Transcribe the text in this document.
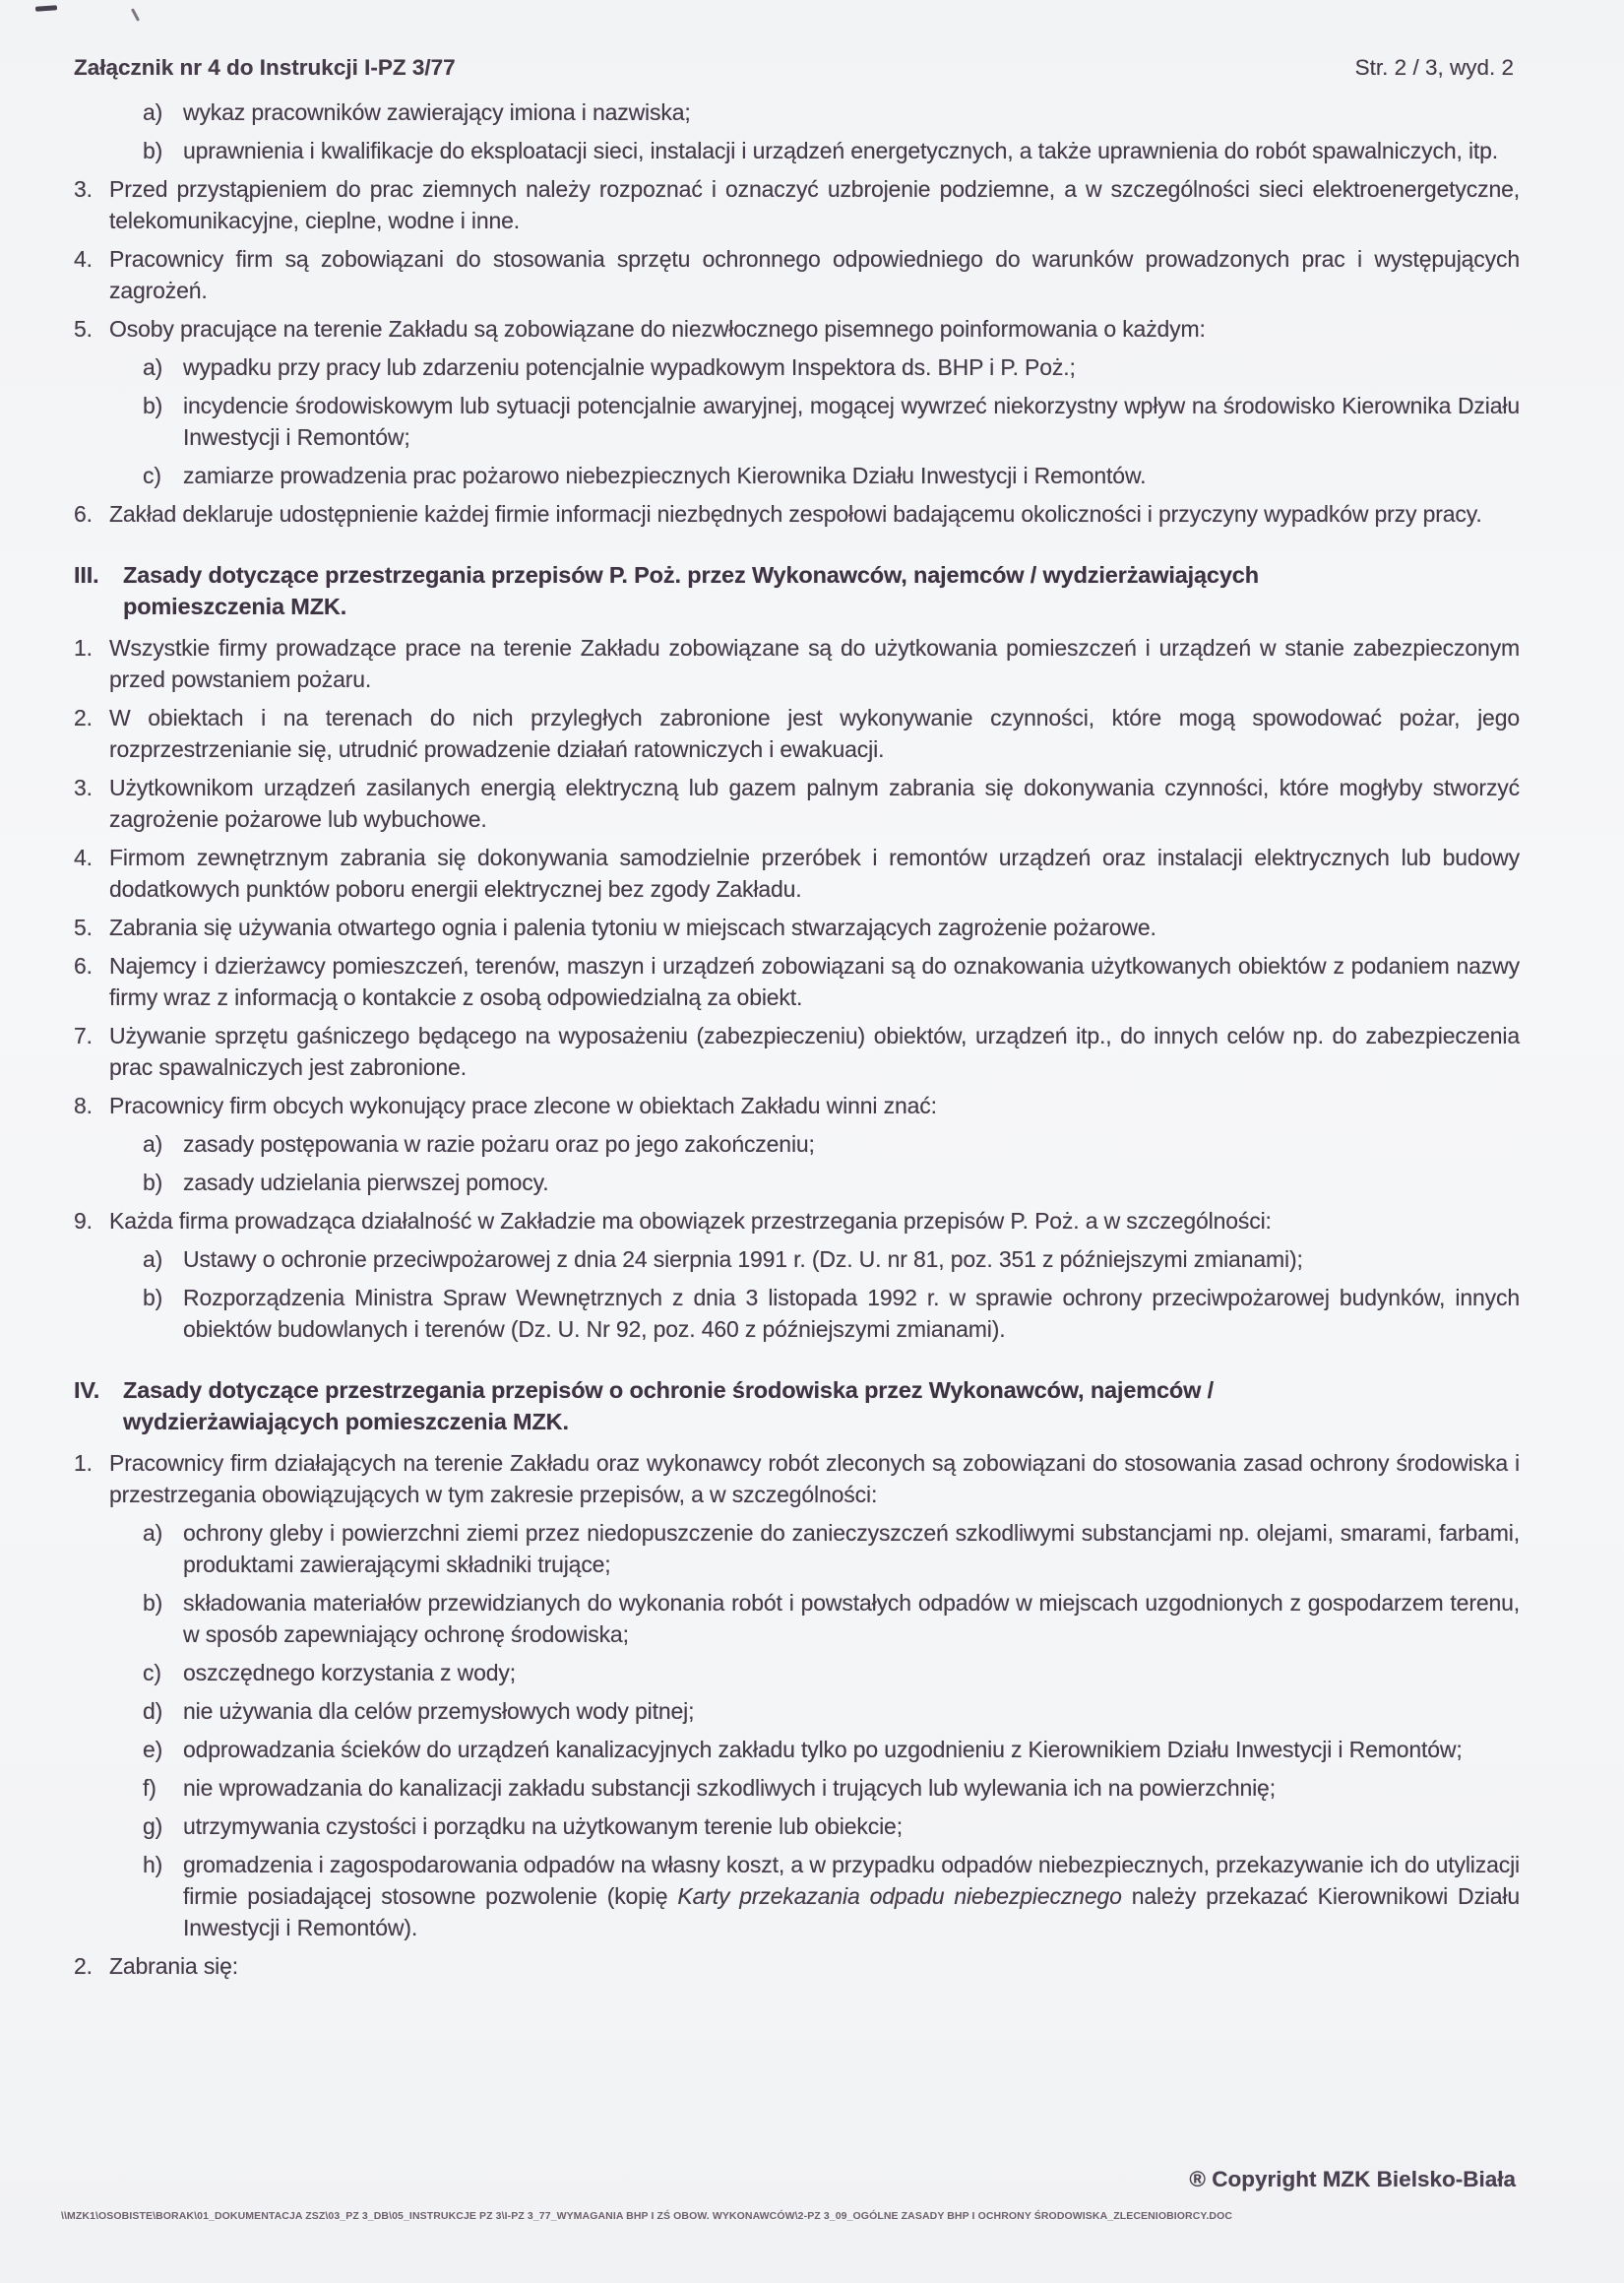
Załącznik nr 4 do Instrukcji I-PZ 3/77	Str. 2 / 3, wyd. 2
a) wykaz pracowników zawierający imiona i nazwiska;
b) uprawnienia i kwalifikacje do eksploatacji sieci, instalacji i urządzeń energetycznych, a także uprawnienia do robót spawalniczych, itp.
3. Przed przystąpieniem do prac ziemnych należy rozpoznać i oznaczyć uzbrojenie podziemne, a w szczególności sieci elektroenergetyczne, telekomunikacyjne, cieplne, wodne i inne.
4. Pracownicy firm są zobowiązani do stosowania sprzętu ochronnego odpowiedniego do warunków prowadzonych prac i występujących zagrożeń.
5. Osoby pracujące na terenie Zakładu są zobowiązane do niezwłocznego pisemnego poinformowania o każdym:
a) wypadku przy pracy lub zdarzeniu potencjalnie wypadkowym Inspektora ds. BHP i P. Poż.;
b) incydencie środowiskowym lub sytuacji potencjalnie awaryjnej, mogącej wywrzeć niekorzystny wpływ na środowisko Kierownika Działu Inwestycji i Remontów;
c) zamiarze prowadzenia prac pożarowo niebezpiecznych Kierownika Działu Inwestycji i Remontów.
6. Zakład deklaruje udostępnienie każdej firmie informacji niezbędnych zespołowi badającemu okoliczności i przyczyny wypadków przy pracy.
III.	Zasady dotyczące przestrzegania przepisów P. Poż. przez Wykonawców, najemców / wydzierżawiających pomieszczenia MZK.
1. Wszystkie firmy prowadzące prace na terenie Zakładu zobowiązane są do użytkowania pomieszczeń i urządzeń w stanie zabezpieczonym przed powstaniem pożaru.
2. W obiektach i na terenach do nich przyległych zabronione jest wykonywanie czynności, które mogą spowodować pożar, jego rozprzestrzenianie się, utrudnić prowadzenie działań ratowniczych i ewakuacji.
3. Użytkownikom urządzeń zasilanych energią elektryczną lub gazem palnym zabrania się dokonywania czynności, które mogłyby stworzyć zagrożenie pożarowe lub wybuchowe.
4. Firmom zewnętrznym zabrania się dokonywania samodzielnie przeróbek i remontów urządzeń oraz instalacji elektrycznych lub budowy dodatkowych punktów poboru energii elektrycznej bez zgody Zakładu.
5. Zabrania się używania otwartego ognia i palenia tytoniu w miejscach stwarzających zagrożenie pożarowe.
6. Najemcy i dzierżawcy pomieszczeń, terenów, maszyn i urządzeń zobowiązani są do oznakowania użytkowanych obiektów z podaniem nazwy firmy wraz z informacją o kontakcie z osobą odpowiedzialną za obiekt.
7. Używanie sprzętu gaśniczego będącego na wyposażeniu (zabezpieczeniu) obiektów, urządzeń itp., do innych celów np. do zabezpieczenia prac spawalniczych jest zabronione.
8. Pracownicy firm obcych wykonujący prace zlecone w obiektach Zakładu winni znać:
a) zasady postępowania w razie pożaru oraz po jego zakończeniu;
b) zasady udzielania pierwszej pomocy.
9. Każda firma prowadząca działalność w Zakładzie ma obowiązek przestrzegania przepisów P. Poż. a w szczególności:
a) Ustawy o ochronie przeciwpożarowej z dnia 24 sierpnia 1991 r. (Dz. U. nr 81, poz. 351 z późniejszymi zmianami);
b) Rozporządzenia Ministra Spraw Wewnętrznych z dnia 3 listopada 1992 r. w sprawie ochrony przeciwpożarowej budynków, innych obiektów budowlanych i terenów (Dz. U. Nr 92, poz. 460 z późniejszymi zmianami).
IV.	Zasady dotyczące przestrzegania przepisów o ochronie środowiska przez Wykonawców, najemców / wydzierżawiających pomieszczenia MZK.
1. Pracownicy firm działających na terenie Zakładu oraz wykonawcy robót zleconych są zobowiązani do stosowania zasad ochrony środowiska i przestrzegania obowiązujących w tym zakresie przepisów, a w szczególności:
a) ochrony gleby i powierzchni ziemi przez niedopuszczenie do zanieczyszczeń szkodliwymi substancjami np. olejami, smarami, farbami, produktami zawierającymi składniki trujące;
b) składowania materiałów przewidzianych do wykonania robót i powstałych odpadów w miejscach uzgodnionych z gospodarzem terenu, w sposób zapewniający ochronę środowiska;
c) oszczędnego korzystania z wody;
d) nie używania dla celów przemysłowych wody pitnej;
e) odprowadzania ścieków do urządzeń kanalizacyjnych zakładu tylko po uzgodnieniu z Kierownikiem Działu Inwestycji i Remontów;
f)	nie wprowadzania do kanalizacji zakładu substancji szkodliwych i trujących lub wylewania ich na powierzchnię;
g) utrzymywania czystości i porządku na użytkowanym terenie lub obiekcie;
h) gromadzenia i zagospodarowania odpadów na własny koszt, a w przypadku odpadów niebezpiecznych, przekazywanie ich do utylizacji firmie posiadającej stosowne pozwolenie (kopię Karty przekazania odpadu niebezpiecznego należy przekazać Kierownikowi Działu Inwestycji i Remontów).
2. Zabrania się:
® Copyright MZK Bielsko-Biała
\\MZK1\OSOBISTE\BORAK\01_DOKUMENTACJA ZSZ\03_PZ 3_DB\05_INSTRUKCJE PZ 3\I-PZ 3_77_WYMAGANIA BHP I ZŚ OBOW. WYKONAWCÓW\2-PZ 3_09_OGÓLNE ZASADY BHP I OCHRONY ŚRODOWISKA_ZLECENIOBIORCY.DOC
